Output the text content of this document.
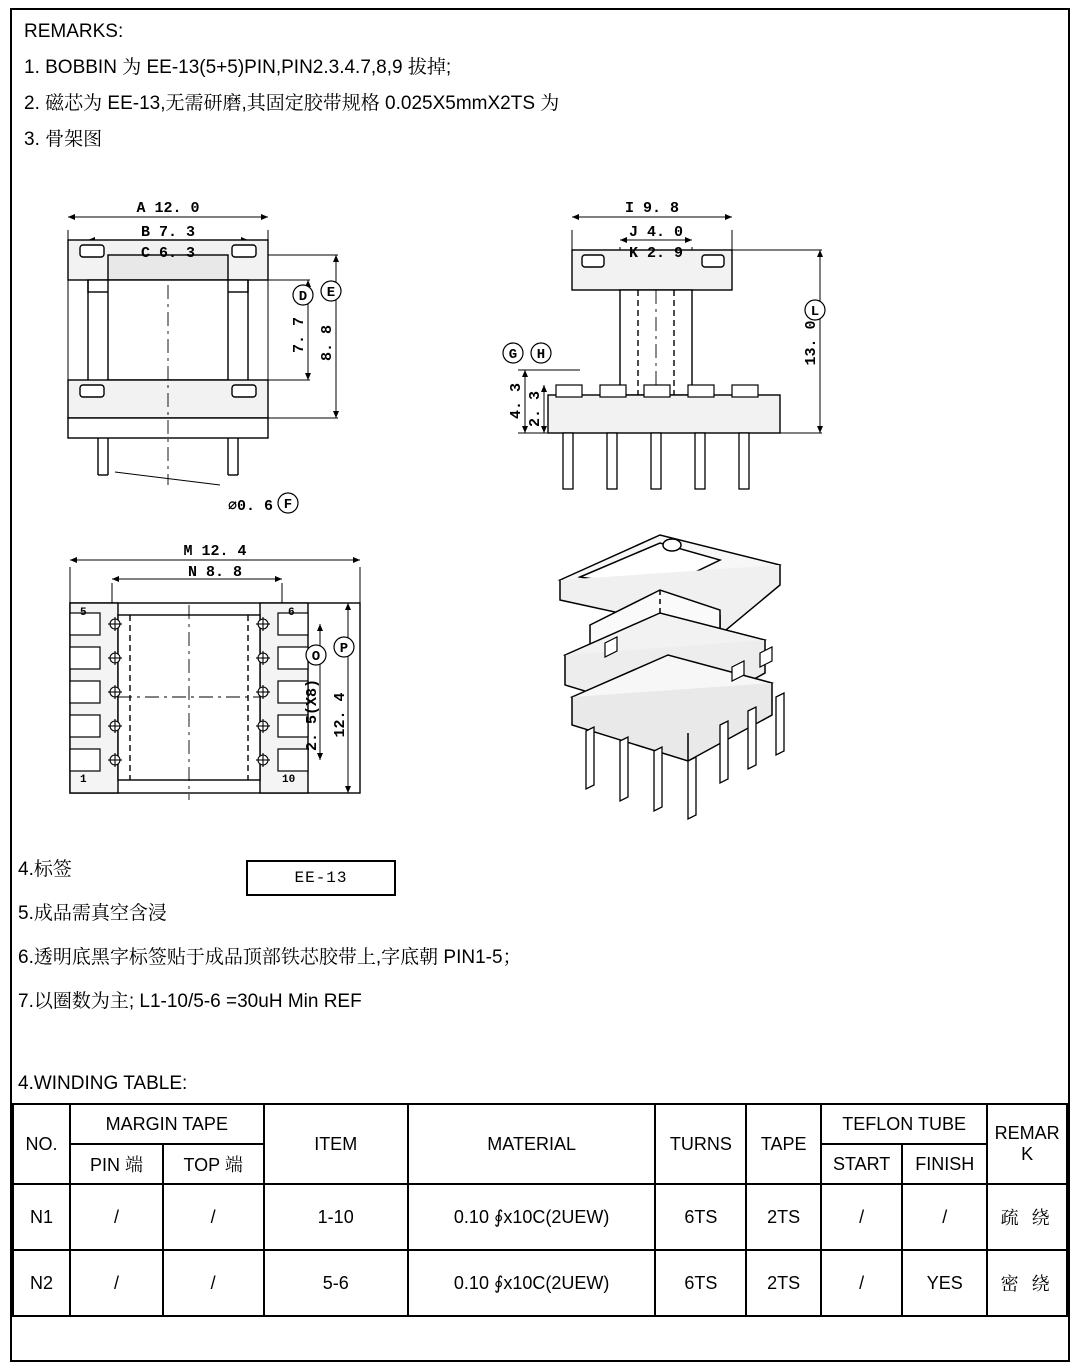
REMARKS:
1. BOBBIN 为 EE-13(5+5)PIN,PIN2.3.4.7,8,9 拔掉;
2. 磁芯为 EE-13,无需研磨,其固定胶带规格 0.025X5mmX2TS 为
3. 骨架图
A 12. 0
B 7. 3
C 6. 3
⌀0. 6
7. 7 8. 8
D E
F
I 9. 8
J 4. 0
K 2. 9
4. 3 2. 3
13. 0
G H
L
M 12. 4
N 8. 8
2. 5(X8) 12. 4
5	6
1	10
O P
4.标签
5.成品需真空含浸
6.透明底黑字标签贴于成品顶部铁芯胶带上,字底朝 PIN1-5；
7.以圈数为主; L1-10/5-6 =30uH Min REF
EE-13
4.WINDING TABLE:
NO.	MARGIN TAPE		ITEM	MATERIAL	TURNS	TAPE	TEFLON TUBE		REMAR
K

	PIN 端	TOP 端					START	FINISH	
N1	/	/	1-10	0.10 ∮x10C(2UEW)	6TS	2TS	/	/	疏 绕
N2	/	/	5-6	0.10 ∮x10C(2UEW)	6TS	2TS	/	YES	密 绕
